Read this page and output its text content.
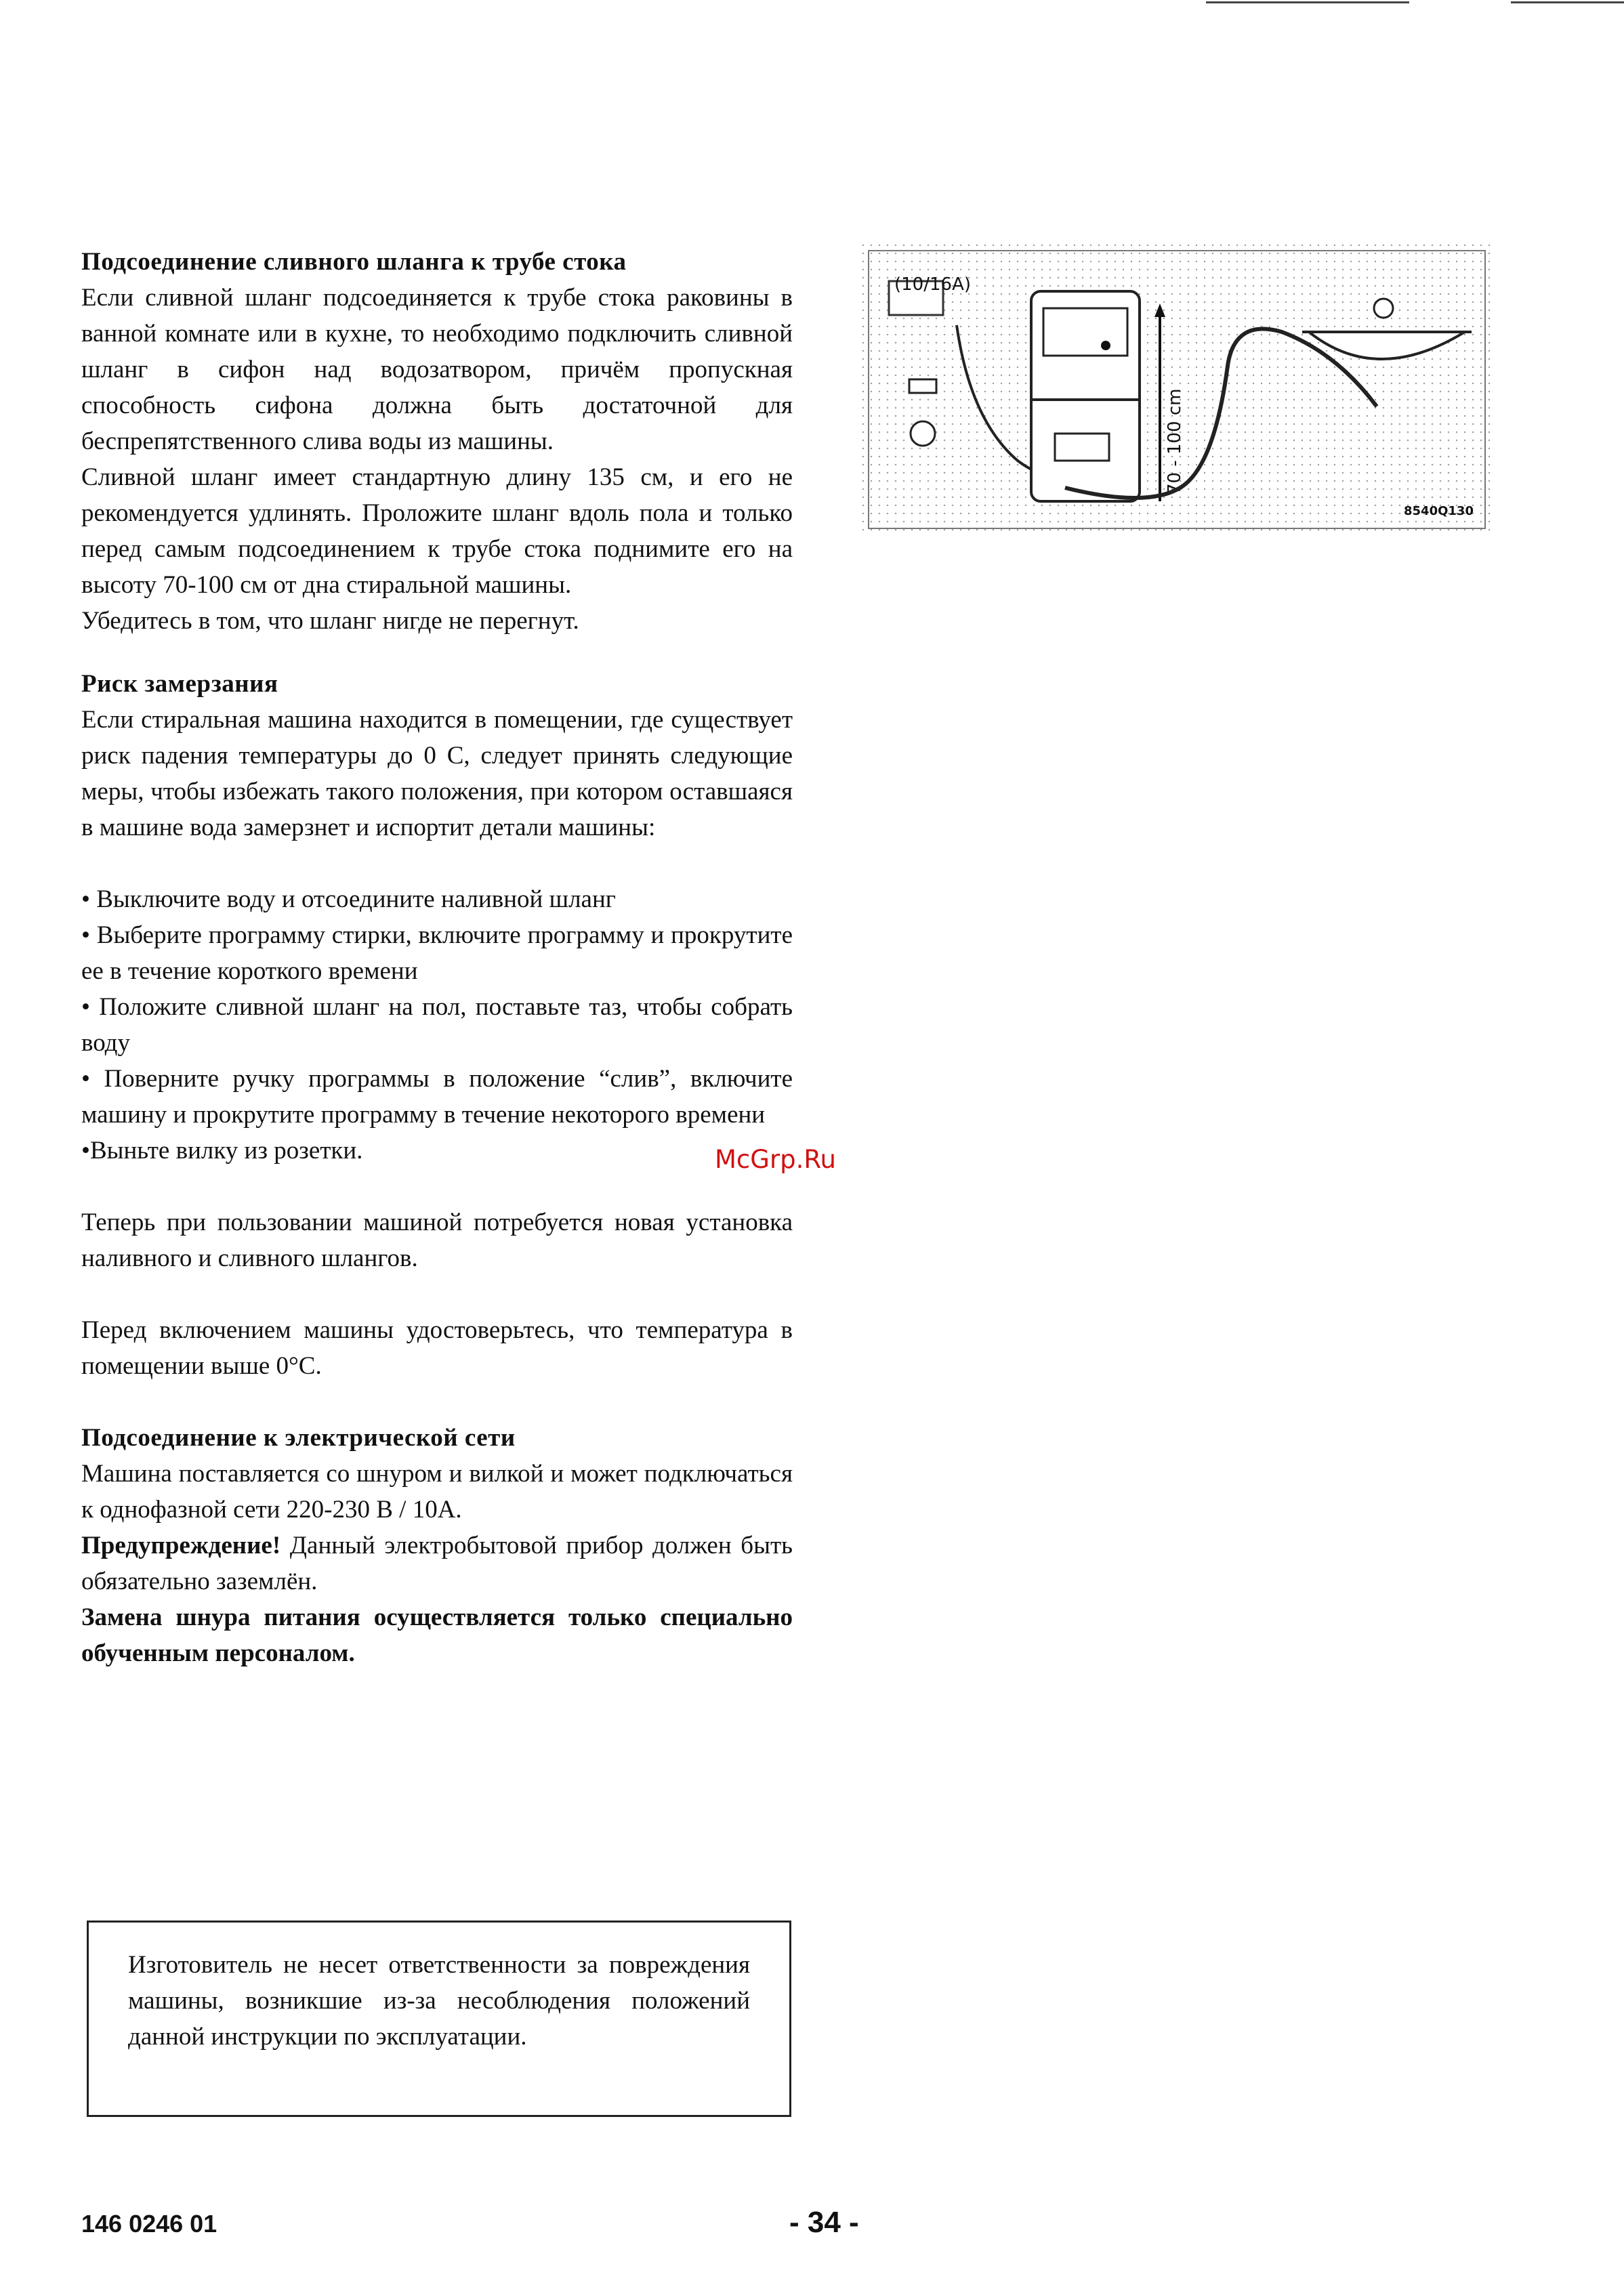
Подсоединение сливного шланга к трубе стока

Если сливной шланг подсоединяется к трубе стока раковины в ванной комнате или в кухне, то необходимо подключить сливной шланг в сифон над водозатвором, причём пропускная способность сифона должна быть достаточной для беспрепятственного слива воды из машины.

Сливной шланг имеет стандартную длину 135 см, и его не рекомендуется удлинять. Проложите шланг вдоль пола и только перед самым подсоединением к трубе стока поднимите его на высоту 70-100 см от дна стиральной машины.

Убедитесь в том, что шланг нигде не перегнут.

Риск замерзания

Если стиральная машина находится в помещении, где существует риск падения температуры до 0 С, следует принять следующие меры, чтобы избежать такого положения, при котором оставшаяся в машине вода замерзнет и испортит детали машины:

• Выключите воду и отсоедините наливной шланг
• Выберите программу стирки, включите программу и прокрутите ее в течение короткого времени
• Положите сливной шланг на пол, поставьте таз, чтобы собрать воду
• Поверните ручку программы в положение “слив”, включите машину и прокрутите программу в течение некоторого времени
•Выньте вилку из розетки.

Теперь при пользовании машиной потребуется новая установка наливного и сливного шлангов.

Перед включением машины удостоверьтесь, что температура в помещении выше 0°С.

Подсоединение к электрической сети

Машина поставляется со шнуром и вилкой и может подключаться к однофазной сети 220-230 В / 10А.

Предупреждение! Данный электробытовой прибор должен быть обязательно заземлён.

Замена шнура питания осуществляется только специально обученным персоналом.

Изготовитель не несет ответственности за повреждения машины, возникшие из-за несоблюдения положений данной инструкции по эксплуатации.

(10/16A)
70 - 100 cm
8540Q130
McGrp.Ru
146 0246 01	- 34 -
